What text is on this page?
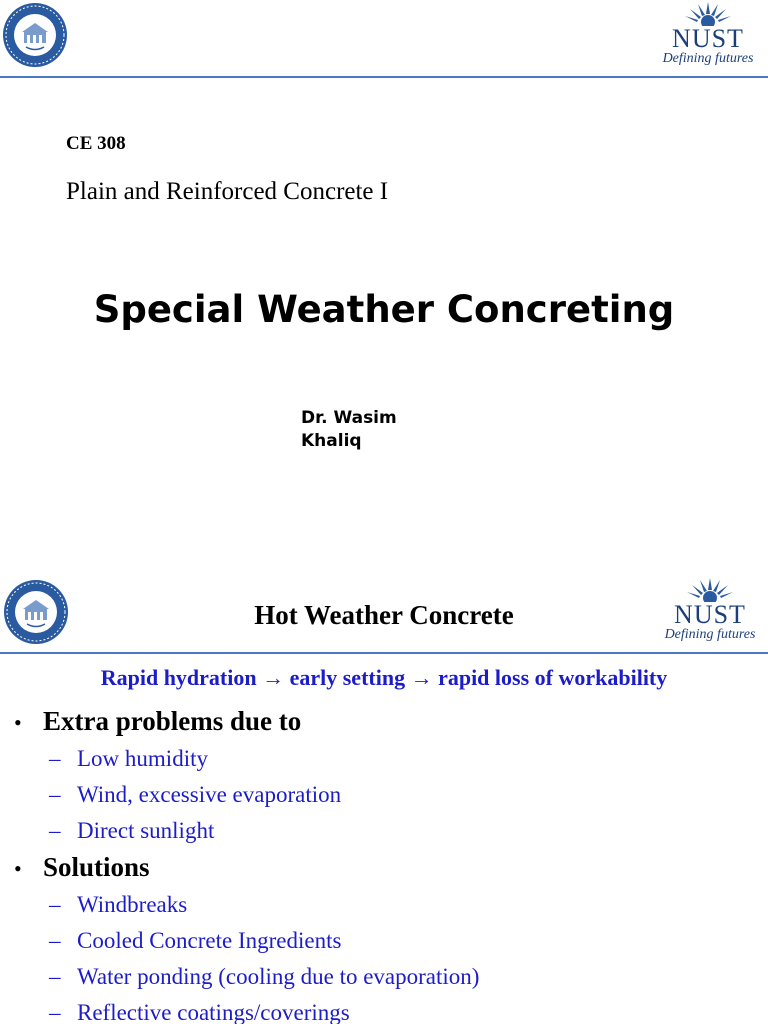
NUST
Defining futures
CE 308
Plain and Reinforced Concrete I
Special Weather Concreting
Dr. Wasim
Khaliq
NUST
Defining futures
Hot Weather Concrete
Rapid hydration → early setting → rapid loss of workability
• Extra problems due to
– Low humidity
– Wind, excessive evaporation
– Direct sunlight
• Solutions
– Windbreaks
– Cooled Concrete Ingredients
– Water ponding (cooling due to evaporation)
– Reflective coatings/coverings
